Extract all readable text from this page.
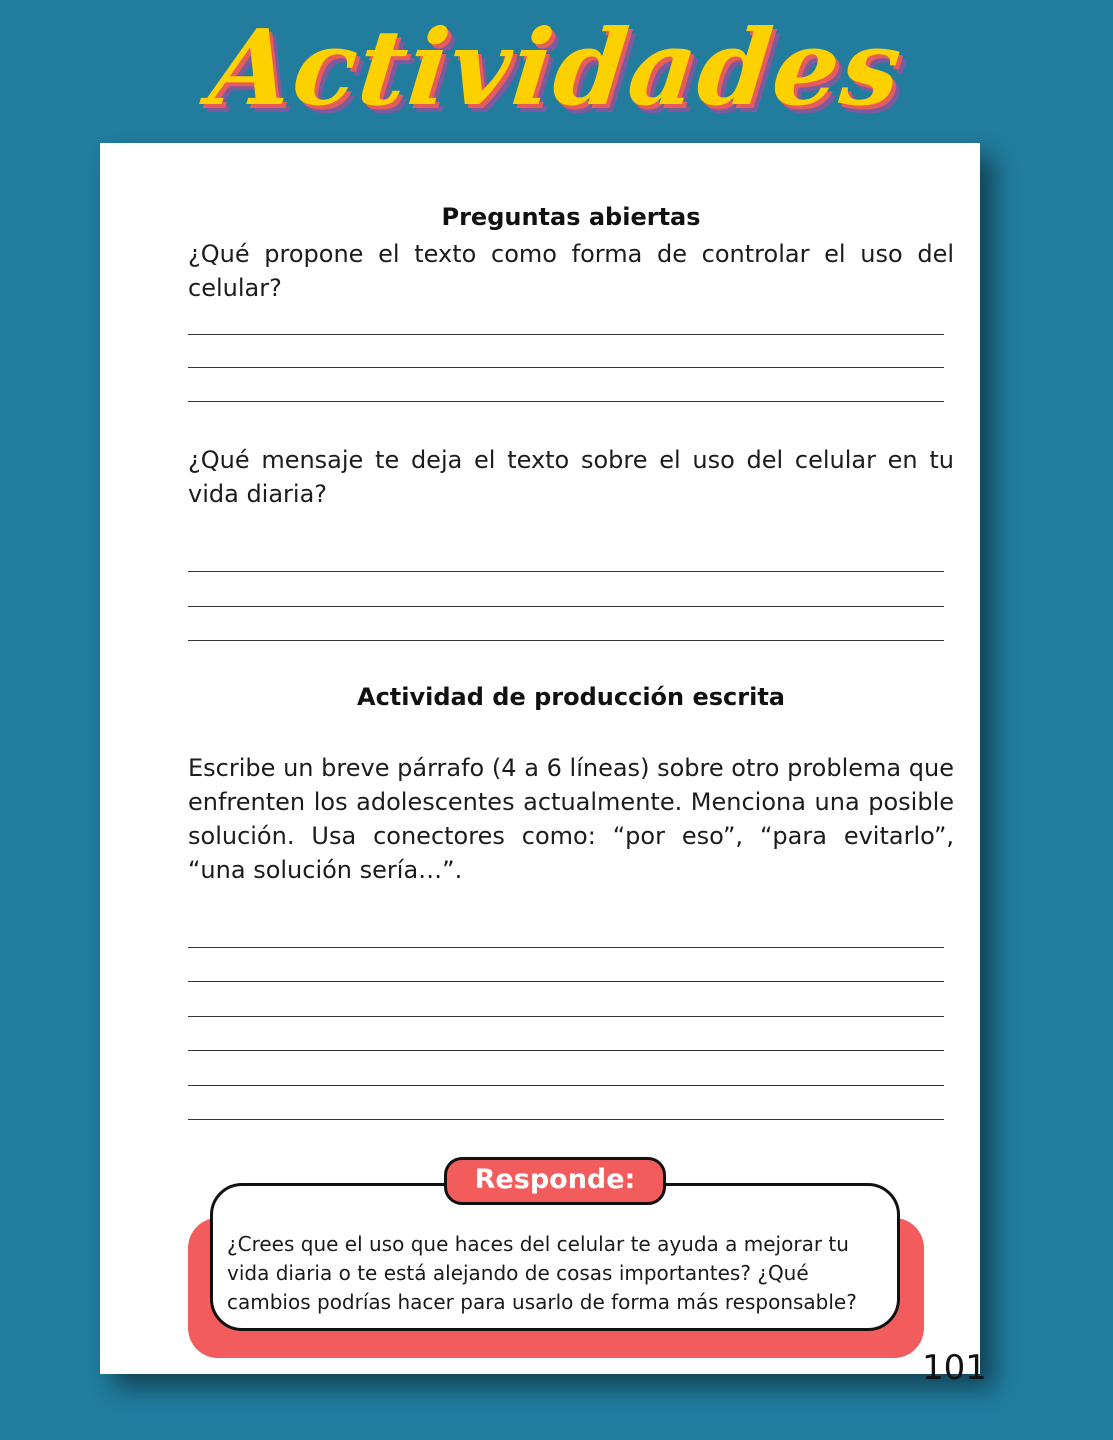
Actividades
Preguntas abiertas

¿Qué propone el texto como forma de controlar el uso del celular?

¿Qué mensaje te deja el texto sobre el uso del celular en tu vida diaria?

Actividad de producción escrita

Escribe un breve párrafo (4 a 6 líneas) sobre otro problema que enfrenten los adolescentes actualmente. Menciona una posible solución. Usa conectores como: “por eso”, “para evitarlo”, “una solución sería…”.

¿Crees que el uso que haces del celular te ayuda a mejorar tu vida diaria o te está alejando de cosas importantes? ¿Qué cambios podrías hacer para usarlo de forma más responsable?

Responde:
101
